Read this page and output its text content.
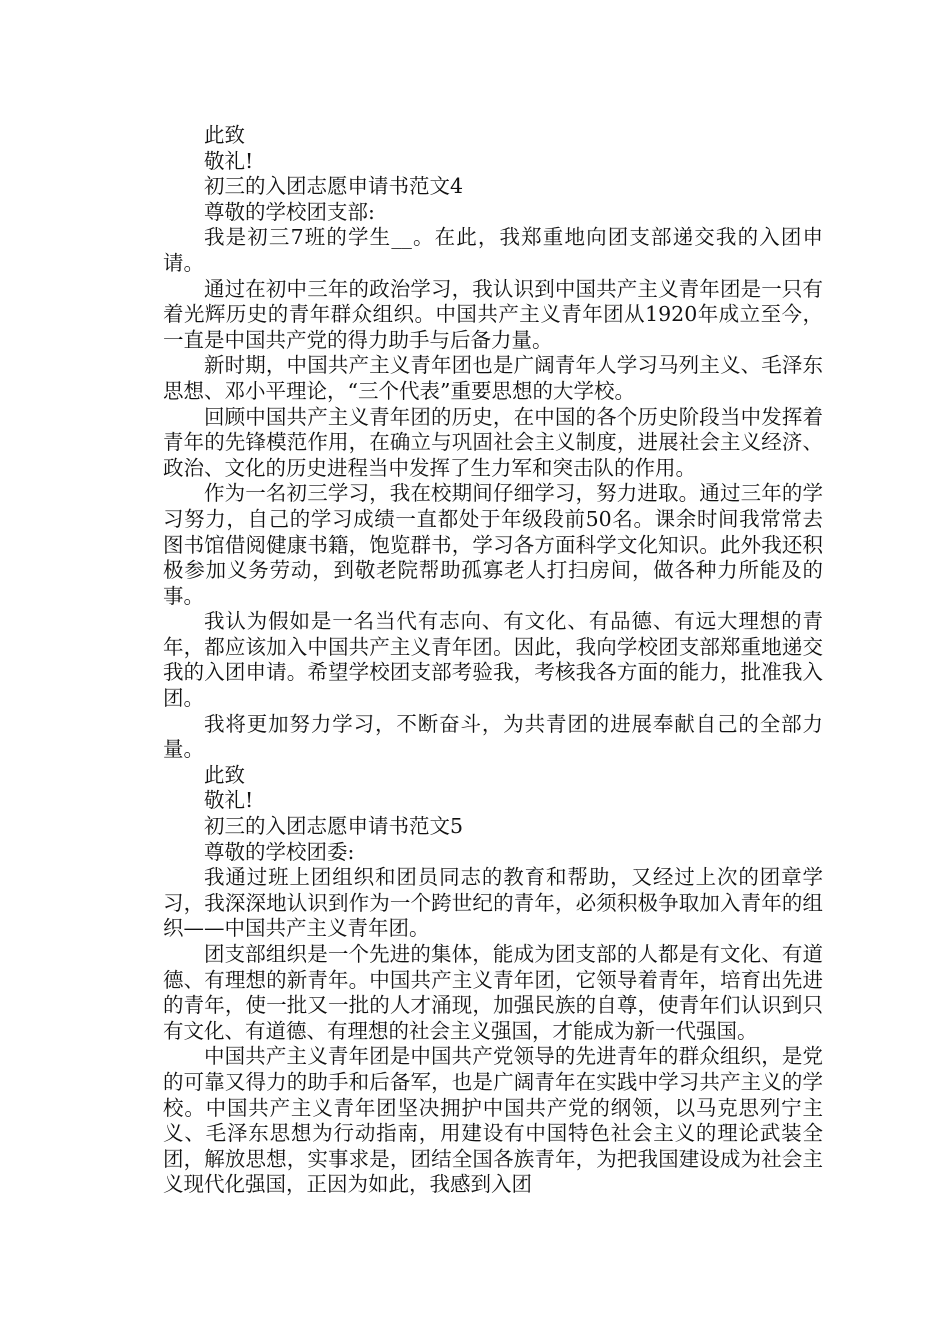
此致

敬礼!

初三的入团志愿申请书范文4

尊敬的学校团支部:

我是初三7班的学生__。在此，我郑重地向团支部递交我的入团申请。

通过在初中三年的政治学习，我认识到中国共产主义青年团是一只有着光辉历史的青年群众组织。中国共产主义青年团从1920年成立至今，一直是中国共产党的得力助手与后备力量。

新时期，中国共产主义青年团也是广阔青年人学习马列主义、毛泽东思想、邓小平理论，“三个代表”重要思想的大学校。

回顾中国共产主义青年团的历史，在中国的各个历史阶段当中发挥着青年的先锋模范作用，在确立与巩固社会主义制度，进展社会主义经济、政治、文化的历史进程当中发挥了生力军和突击队的作用。

作为一名初三学习，我在校期间仔细学习，努力进取。通过三年的学习努力，自己的学习成绩一直都处于年级段前50名。课余时间我常常去图书馆借阅健康书籍，饱览群书，学习各方面科学文化知识。此外我还积极参加义务劳动，到敬老院帮助孤寡老人打扫房间，做各种力所能及的事。

我认为假如是一名当代有志向、有文化、有品德、有远大理想的青年，都应该加入中国共产主义青年团。因此，我向学校团支部郑重地递交我的入团申请。希望学校团支部考验我，考核我各方面的能力，批准我入团。

我将更加努力学习，不断奋斗，为共青团的进展奉献自己的全部力量。

此致

敬礼!

初三的入团志愿申请书范文5

尊敬的学校团委:

我通过班上团组织和团员同志的教育和帮助，又经过上次的团章学习，我深深地认识到作为一个跨世纪的青年，必须积极争取加入青年的组织——中国共产主义青年团。

团支部组织是一个先进的集体，能成为团支部的人都是有文化、有道德、有理想的新青年。中国共产主义青年团，它领导着青年，培育出先进的青年，使一批又一批的人才涌现，加强民族的自尊，使青年们认识到只有文化、有道德、有理想的社会主义强国，才能成为新一代强国。

中国共产主义青年团是中国共产党领导的先进青年的群众组织，是党的可靠又得力的助手和后备军，也是广阔青年在实践中学习共产主义的学校。中国共产主义青年团坚决拥护中国共产党的纲领，以马克思列宁主义、毛泽东思想为行动指南，用建设有中国特色社会主义的理论武装全团，解放思想，实事求是，团结全国各族青年，为把我国建设成为社会主义现代化强国，正因为如此，我感到入团
